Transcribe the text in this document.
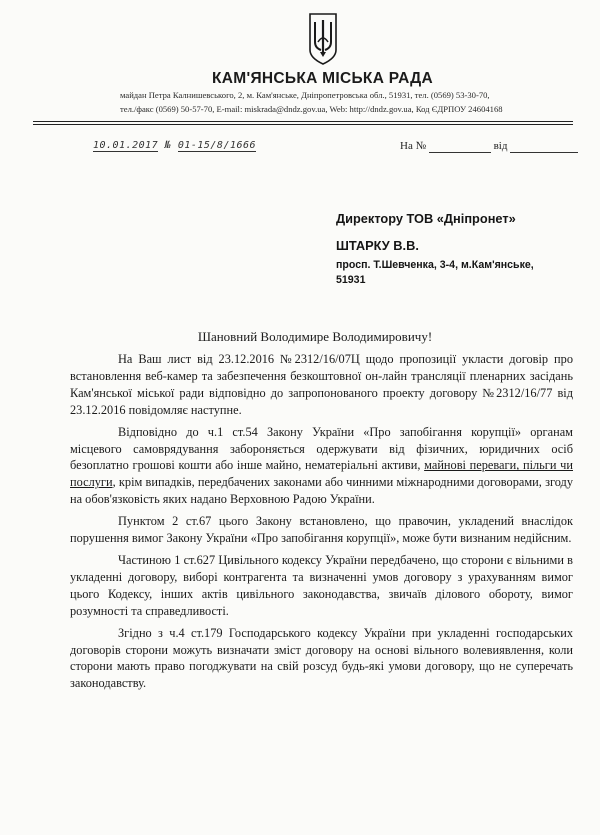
КАМ'ЯНСЬКА МІСЬКА РАДА
майдан Петра Калнишевського, 2, м. Кам'янське, Дніпропетровська обл., 51931, тел. (0569) 53-30-70,
тел./факс (0569) 50-57-70, E-mail: miskrada@dndz.gov.ua, Web: http://dndz.gov.ua, Код ЄДРПОУ 24604168
10.01.2017 № 01-15/8/1666	На №	від
Директору ТОВ «Дніпронет»
ШТАРКУ В.В.
просп. Т.Шевченка, 3-4, м.Кам'янське,
51931
Шановний Володимире Володимировичу!

На Ваш лист від 23.12.2016 №2312/16/07Ц щодо пропозиції укласти договір про встановлення веб-камер та забезпечення безкоштовної он-лайн трансляції пленарних засідань Кам'янської міської ради відповідно до запропонованого проекту договору №2312/16/77 від 23.12.2016 повідомляє наступне.

Відповідно до ч.1 ст.54 Закону України «Про запобігання корупції» органам місцевого самоврядування забороняється одержувати від фізичних, юридичних осіб безоплатно грошові кошти або інше майно, нематеріальні активи, майнові переваги, пільги чи послуги, крім випадків, передбачених законами або чинними міжнародними договорами, згоду на обов'язковість яких надано Верховною Радою України.

Пунктом 2 ст.67 цього Закону встановлено, що правочин, укладений внаслідок порушення вимог Закону України «Про запобігання корупції», може бути визнаним недійсним.

Частиною 1 ст.627 Цивільного кодексу України передбачено, що сторони є вільними в укладенні договору, виборі контрагента та визначенні умов договору з урахуванням вимог цього Кодексу, інших актів цивільного законодавства, звичаїв ділового обороту, вимог розумності та справедливості.

Згідно з ч.4 ст.179 Господарського кодексу України при укладенні господарських договорів сторони можуть визначати зміст договору на основі вільного волевиявлення, коли сторони мають право погоджувати на свій розсуд будь-які умови договору, що не суперечать законодавству.
